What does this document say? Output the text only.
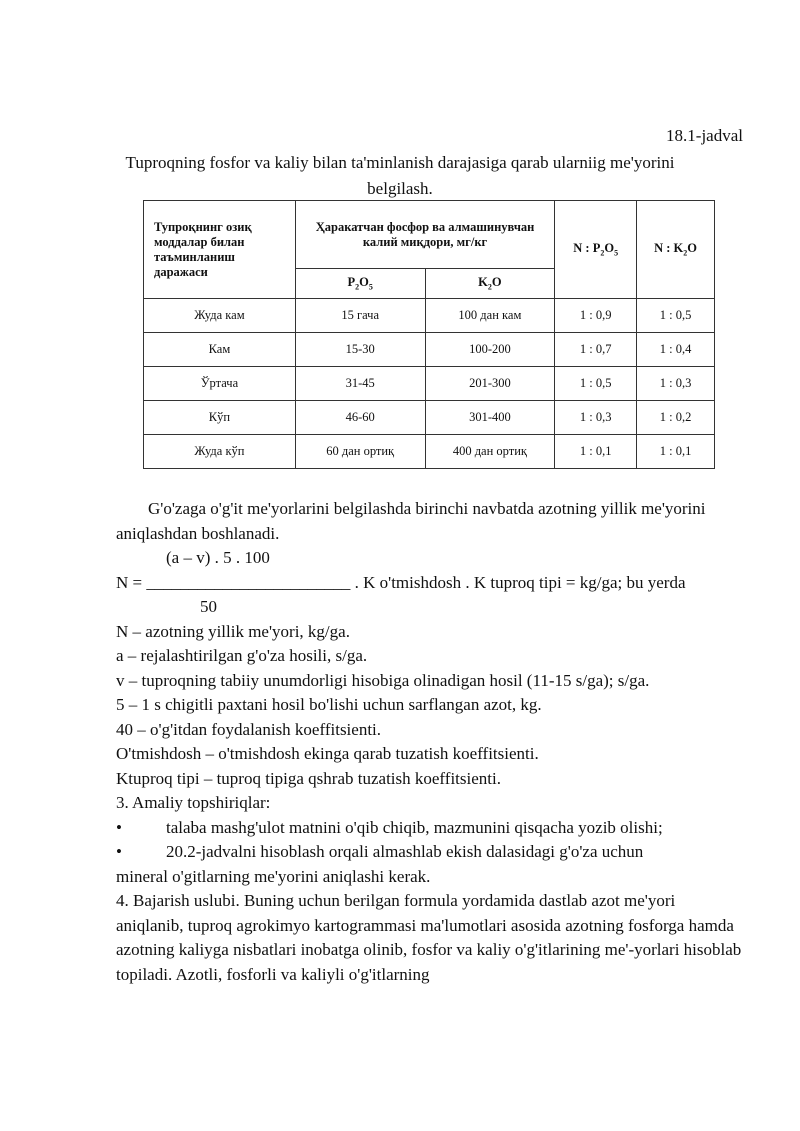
18.1-jadval
Tuproqning fosfor va kaliy bilan ta'minlanish darajasiga qarab ularniig me'yorini belgilash.
Тупроқнинг озиқ моддалар билан таъминланиш даражаси	Ҳаракатчан фосфор ва алмашинувчан калий миқдори, мг/кг		N : $P_2O_5$	N : $K_2O$
	$P_2O_5$	$K_2O$		
Жуда кам	15 гача	100 дан кам	1 : 0,9	1 : 0,5
Кам	15-30	100-200	1 : 0,7	1 : 0,4
Ўртача	31-45	201-300	1 : 0,5	1 : 0,3
Кўп	46-60	301-400	1 : 0,3	1 : 0,2
Жуда кўп	60 дан ортиқ	400 дан ортиқ	1 : 0,1	1 : 0,1

G'o'zaga o'g'it me'yorlarini belgilashda birinchi navbatda azotning yillik me'yorini aniqlashdan boshlanadi.

(a – v) . 5 . 100

N = ________________________ . K o'tmishdosh . K tuproq tipi = kg/ga; bu yerda

50

N – azotning yillik me'yori, kg/ga.

a – rejalashtirilgan g'o'za hosili, s/ga.

v – tuproqning tabiiy unumdorligi hisobiga olinadigan hosil (11-15 s/ga); s/ga.

5 – 1 s chigitli paxtani hosil bo'lishi uchun sarflangan azot, kg.

40 – o'g'itdan foydalanish koeffitsienti.

O'tmishdosh – o'tmishdosh ekinga qarab tuzatish koeffitsienti.

Ktuproq tipi – tuproq tipiga qshrab tuzatish koeffitsienti.

3. Amaliy topshiriqlar:

•	talaba mashg'ulot matnini o'qib chiqib, mazmunini qisqacha yozib olishi;
•	20.2-jadvalni hisoblash orqali almashlab ekish dalasidagi g'o'za uchun

mineral o'gitlarning me'yorini aniqlashi kerak.

4. Bajarish uslubi. Buning uchun berilgan formula yordamida dastlab azot me'yori aniqlanib, tuproq agrokimyo kartogrammasi ma'lumotlari asosida azotning fosforga hamda azotning kaliyga nisbatlari inobatga olinib, fosfor va kaliy o'g'itlarining me'-yorlari hisoblab topiladi. Azotli, fosforli va kaliyli o'g'itlarning
